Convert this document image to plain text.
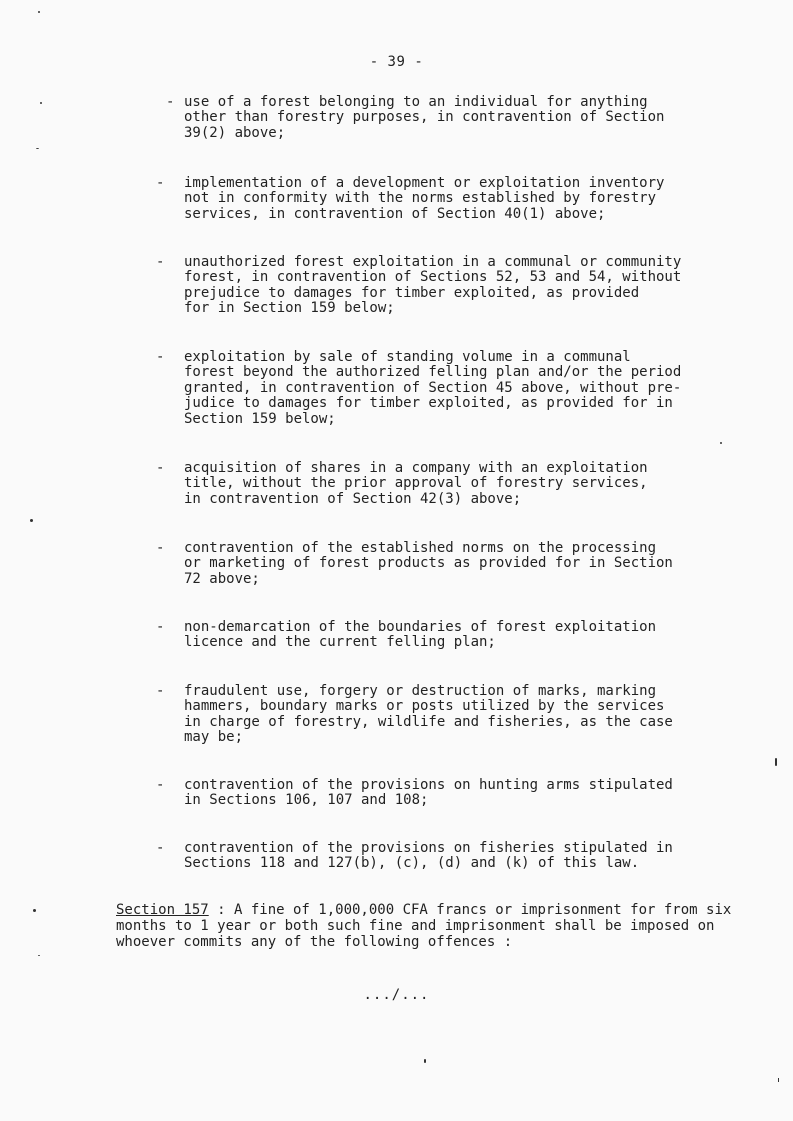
- 39 -
- use of a forest belonging to an individual for anything
other than forestry purposes, in contravention of Section
39(2) above;
- implementation of a development or exploitation inventory
not in conformity with the norms established by forestry
services, in contravention of Section 40(1) above;
- unauthorized forest exploitation in a communal or community
forest, in contravention of Sections 52, 53 and 54, without
prejudice to damages for timber exploited, as provided
for in Section 159 below;
- exploitation by sale of standing volume in a communal
forest beyond the authorized felling plan and/or the period
granted, in contravention of Section 45 above, without pre-
judice to damages for timber exploited, as provided for in
Section 159 below;
- acquisition of shares in a company with an exploitation
title, without the prior approval of forestry services,
in contravention of Section 42(3) above;
- contravention of the established norms on the processing
or marketing of forest products as provided for in Section
72 above;
- non-demarcation of the boundaries of forest exploitation
licence and the current felling plan;
- fraudulent use, forgery or destruction of marks, marking
hammers, boundary marks or posts utilized by the services
in charge of forestry, wildlife and fisheries, as the case
may be;
- contravention of the provisions on hunting arms stipulated
in Sections 106, 107 and 108;
- contravention of the provisions on fisheries stipulated in
Sections 118 and 127(b), (c), (d) and (k) of this law.
Section 157 : A fine of 1,000,000 CFA francs or imprisonment for from six months to 1 year or both such fine and imprisonment shall be imposed on whoever commits any of the following offences :
.../...
